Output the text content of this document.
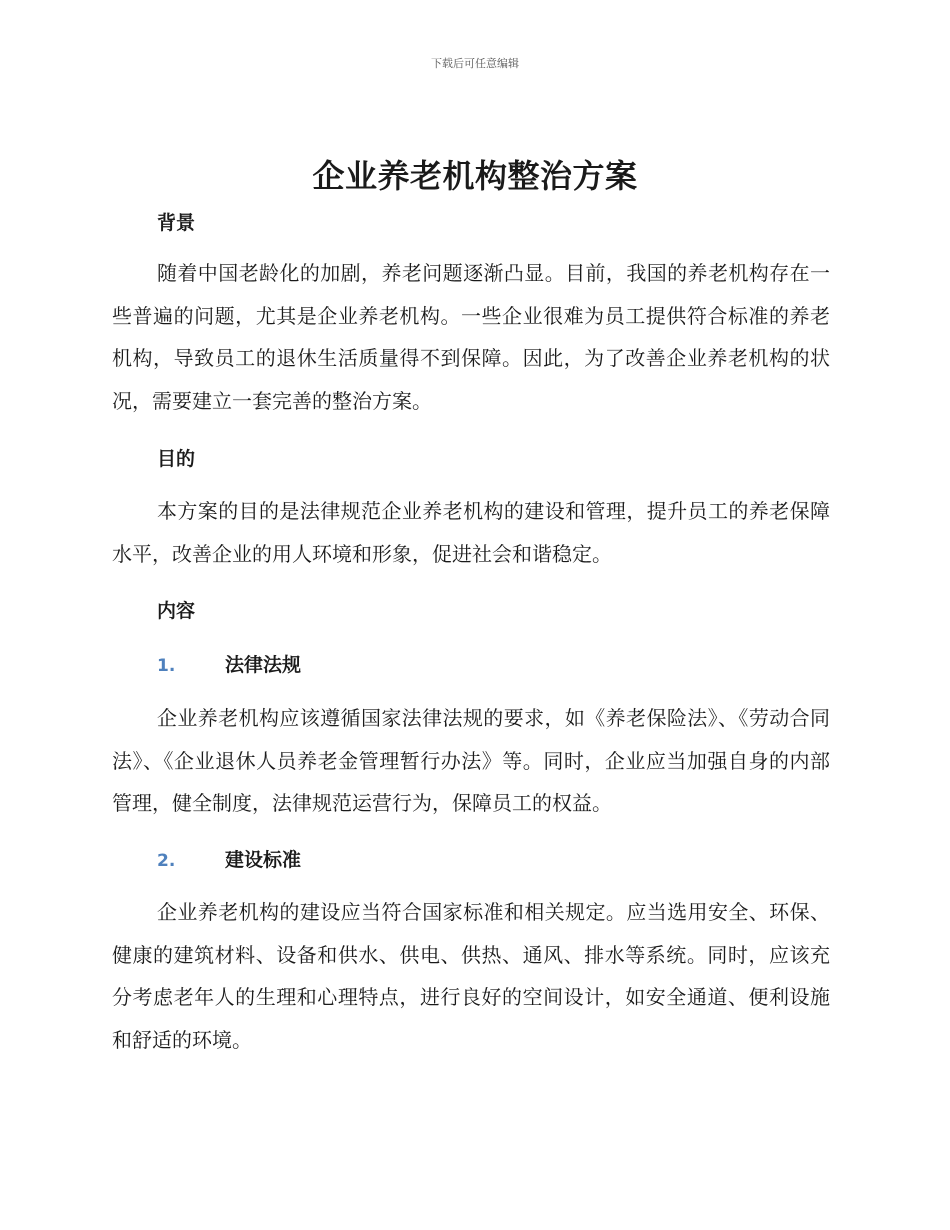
下载后可任意编辑
企业养老机构整治方案
背景
随着中国老龄化的加剧，养老问题逐渐凸显。目前，我国的养老机构存在一些普遍的问题，尤其是企业养老机构。一些企业很难为员工提供符合标准的养老机构，导致员工的退休生活质量得不到保障。因此，为了改善企业养老机构的状况，需要建立一套完善的整治方案。
目的
本方案的目的是法律规范企业养老机构的建设和管理，提升员工的养老保障水平，改善企业的用人环境和形象，促进社会和谐稳定。
内容
1.	法律法规
企业养老机构应该遵循国家法律法规的要求，如《养老保险法》、《劳动合同法》、《企业退休人员养老金管理暂行办法》等。同时，企业应当加强自身的内部管理，健全制度，法律规范运营行为，保障员工的权益。
2.	建设标准
企业养老机构的建设应当符合国家标准和相关规定。应当选用安全、环保、健康的建筑材料、设备和供水、供电、供热、通风、排水等系统。同时，应该充分考虑老年人的生理和心理特点，进行良好的空间设计，如安全通道、便利设施和舒适的环境。
